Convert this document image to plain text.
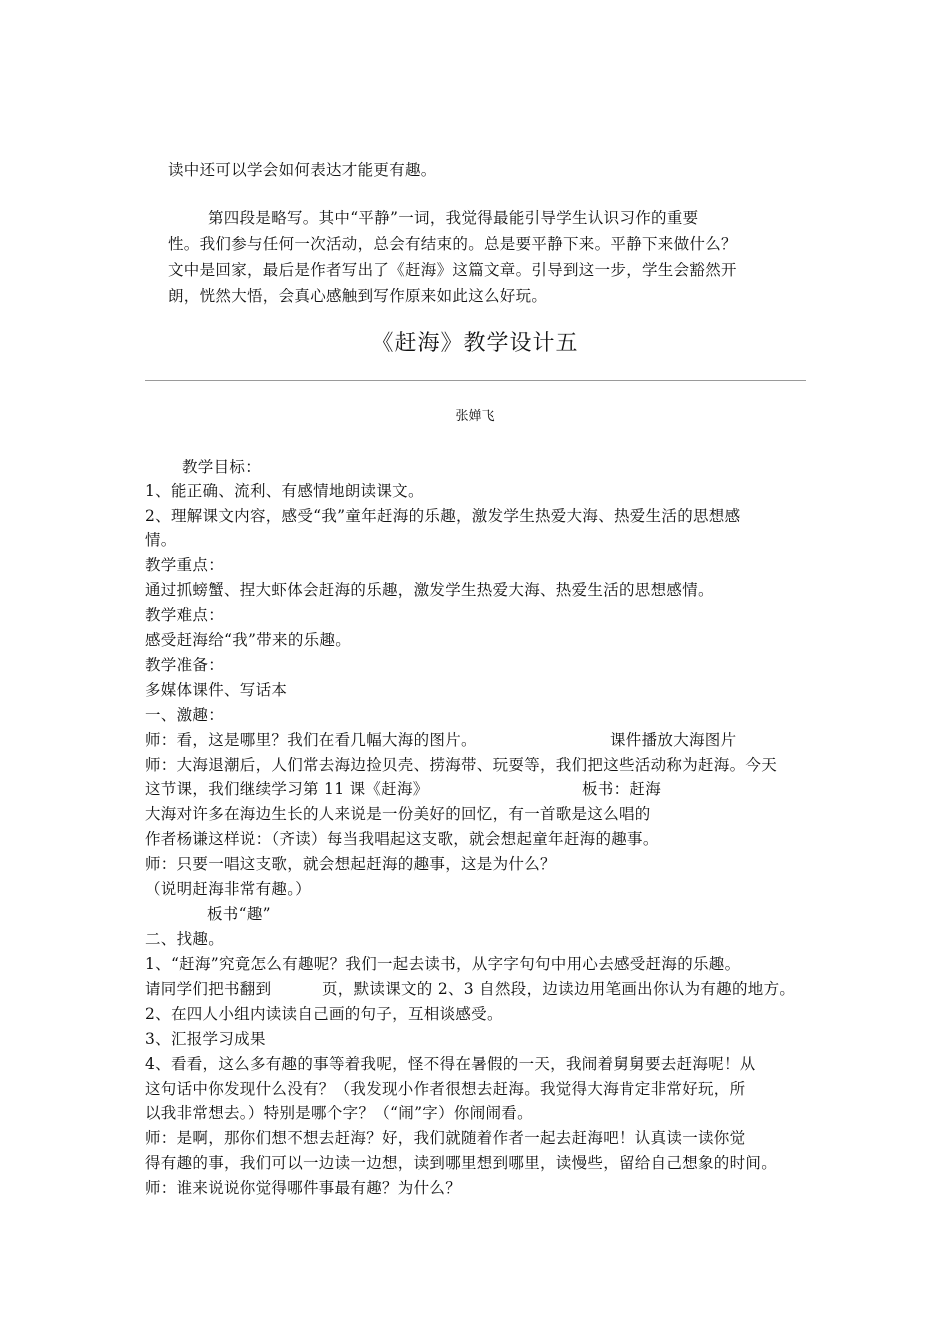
读中还可以学会如何表达才能更有趣。
第四段是略写。其中“平静”一词，我觉得最能引导学生认识习作的重要
性。我们参与任何一次活动，总会有结束的。总是要平静下来。平静下来做什么？
文中是回家，最后是作者写出了《赶海》这篇文章。引导到这一步，学生会豁然开
朗，恍然大悟，会真心感触到写作原来如此这么好玩。
《赶海》教学设计五
张婵飞
教学目标：
1、能正确、流利、有感情地朗读课文。
2、理解课文内容，感受“我”童年赶海的乐趣，激发学生热爱大海、热爱生活的思想感
情。
教学重点：
通过抓螃蟹、捏大虾体会赶海的乐趣，激发学生热爱大海、热爱生活的思想感情。
教学难点：
感受赶海给“我”带来的乐趣。
教学准备：
多媒体课件、写话本
一、激趣：
师：看，这是哪里？我们在看几幅大海的图片。	课件播放大海图片
师：大海退潮后，人们常去海边捡贝壳、捞海带、玩耍等，我们把这些活动称为赶海。今天
这节课，我们继续学习第 11 课《赶海》	板书：赶海
大海对许多在海边生长的人来说是一份美好的回忆，有一首歌是这么唱的
作者杨谦这样说：（齐读）每当我唱起这支歌，就会想起童年赶海的趣事。
师：只要一唱这支歌，就会想起赶海的趣事，这是为什么？
（说明赶海非常有趣。）
板书“趣”
二、找趣。
1、“赶海”究竟怎么有趣呢？我们一起去读书，从字字句句中用心去感受赶海的乐趣。
请同学们把书翻到	页，默读课文的 2、3 自然段，边读边用笔画出你认为有趣的地方。
2、在四人小组内读读自己画的句子，互相谈感受。
3、汇报学习成果
4、看看，这么多有趣的事等着我呢，怪不得在暑假的一天，我闹着舅舅要去赶海呢！从
这句话中你发现什么没有？（我发现小作者很想去赶海。我觉得大海肯定非常好玩，所
以我非常想去。）特别是哪个字？（“闹”字）你闹闹看。
师：是啊，那你们想不想去赶海？好，我们就随着作者一起去赶海吧！认真读一读你觉
得有趣的事，我们可以一边读一边想，读到哪里想到哪里，读慢些，留给自己想象的时间。
师：谁来说说你觉得哪件事最有趣？为什么？
